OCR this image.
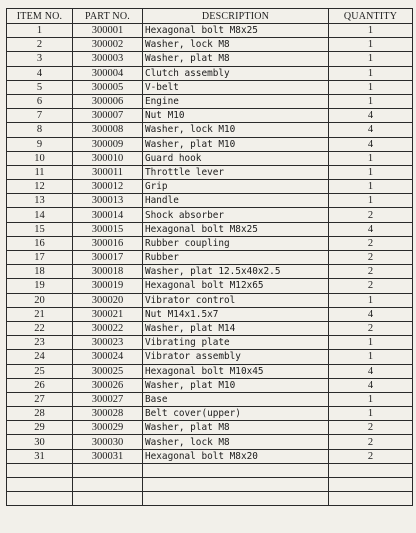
ITEM NO.	PART NO.	DESCRIPTION	QUANTITY
1	300001	Hexagonal bolt M8x25	1
2	300002	Washer, lock M8	1
3	300003	Washer, plat M8	1
4	300004	Clutch assembly	1
5	300005	V-belt	1
6	300006	Engine	1
7	300007	Nut M10	4
8	300008	Washer, lock M10	4
9	300009	Washer, plat M10	4
10	300010	Guard hook	1
11	300011	Throttle lever	1
12	300012	Grip	1
13	300013	Handle	1
14	300014	Shock absorber	2
15	300015	Hexagonal bolt M8x25	4
16	300016	Rubber coupling	2
17	300017	Rubber	2
18	300018	Washer, plat 12.5x40x2.5	2
19	300019	Hexagonal bolt M12x65	2
20	300020	Vibrator control	1
21	300021	Nut M14x1.5x7	4
22	300022	Washer, plat M14	2
23	300023	Vibrating plate	1
24	300024	Vibrator assembly	1
25	300025	Hexagonal bolt M10x45	4
26	300026	Washer, plat M10	4
27	300027	Base	1
28	300028	Belt cover(upper)	1
29	300029	Washer, plat M8	2
30	300030	Washer, lock M8	2
31	300031	Hexagonal bolt M8x20	2
